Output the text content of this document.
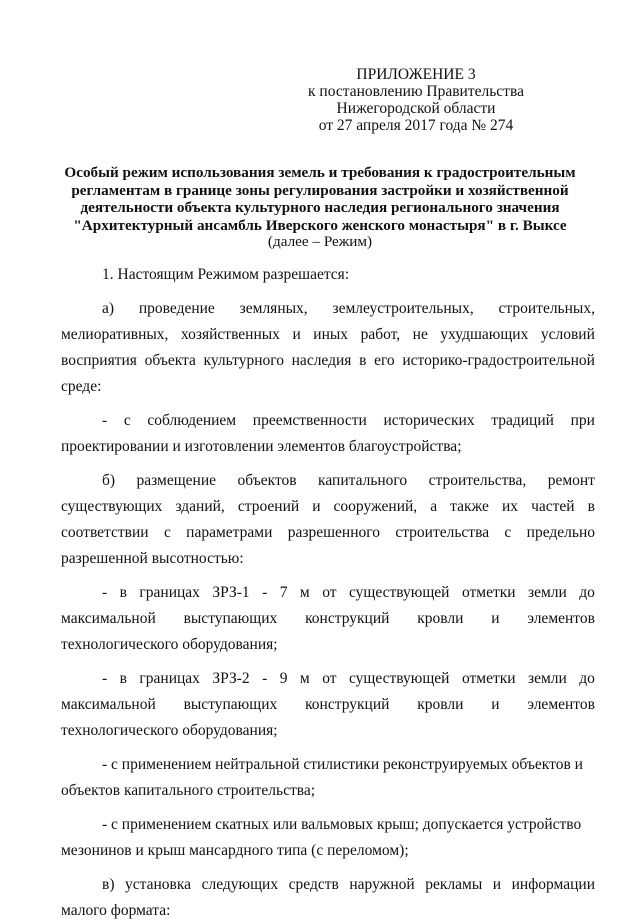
ПРИЛОЖЕНИЕ 3
к постановлению Правительства
Нижегородской области
от 27 апреля 2017 года № 274
Особый режим использования земель и требования к градостроительным
регламентам в границе зоны регулирования застройки и хозяйственной
деятельности объекта культурного наследия регионального значения
"Архитектурный ансамбль Иверского женского монастыря" в г. Выксе
(далее – Режим)
1. Настоящим Режимом разрешается:
а) проведение земляных, землеустроительных, строительных,
мелиоративных, хозяйственных и иных работ, не ухудшающих условий
восприятия объекта культурного наследия в его историко-градостроительной
среде:
- с соблюдением преемственности исторических традиций при
проектировании и изготовлении элементов благоустройства;
б) размещение объектов капитального строительства, ремонт
существующих зданий, строений и сооружений, а также их частей в
соответствии с параметрами разрешенного строительства с предельно
разрешенной высотностью:
- в границах ЗРЗ-1 - 7 м от существующей отметки земли до
максимальной выступающих конструкций кровли и элементов
технологического оборудования;
- в границах ЗРЗ-2 - 9 м от существующей отметки земли до
максимальной выступающих конструкций кровли и элементов
технологического оборудования;
- с применением нейтральной стилистики реконструируемых объектов и
объектов капитального строительства;
- с применением скатных или вальмовых крыш; допускается устройство
мезонинов и крыш мансардного типа (с переломом);
в) установка следующих средств наружной рекламы и информации
малого формата:
